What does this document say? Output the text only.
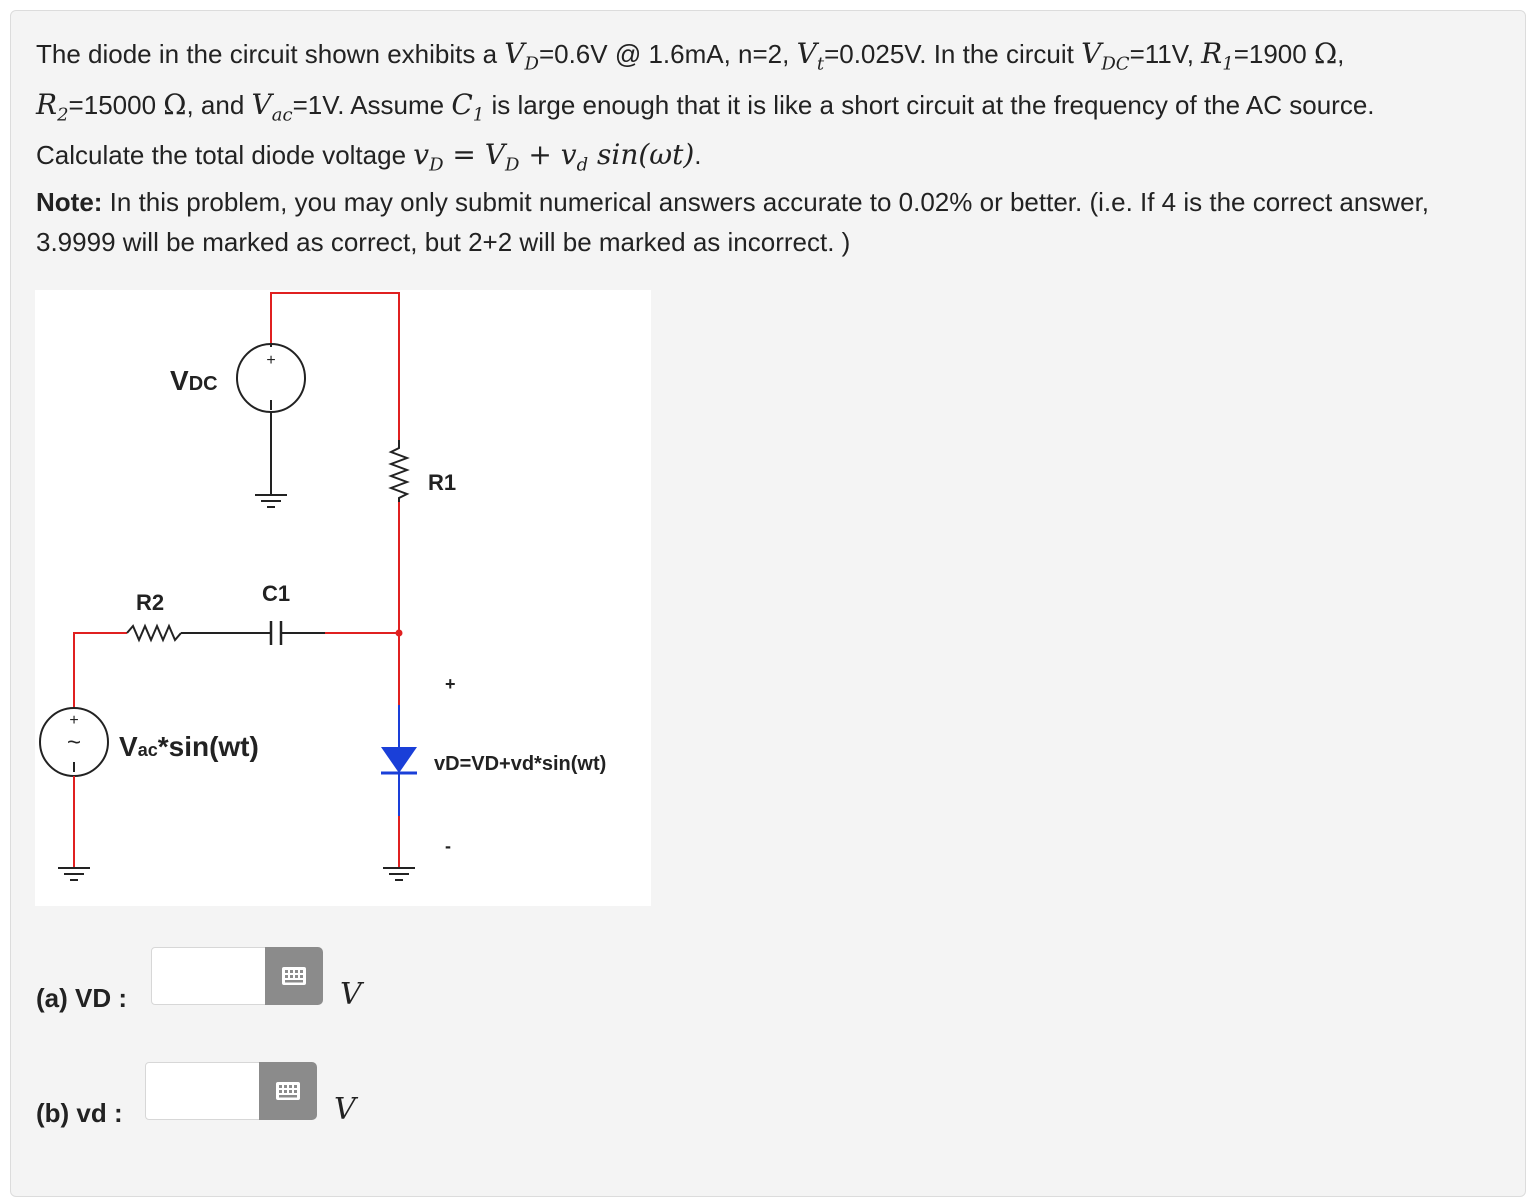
The diode in the circuit shown exhibits a $V_D=0.6V$ @ 1.6mA, n=2, $V_t=0.025V$. In the circuit $V_{DC}=11V$, $R_1=1900$ Ω,
$R_2=15000$ Ω, and $V_{ac}=1V$. Assume $C_1$ is large enough that it is like a short circuit at the frequency of the AC source.
Calculate the total diode voltage $v_D = V_D + v_d$ sin(ωt).
Note: In this problem, you may only submit numerical answers accurate to 0.02% or better. (i.e. If 4 is the correct answer, 3.9999 will be marked as correct, but 2+2 will be marked as incorrect. )
+
VDC
R1
R2	C1
+
~ Vac*sin(wt)
+
vD=VD+vd*sin(wt)
-
(a) VD :	V
(b) vd :	V
